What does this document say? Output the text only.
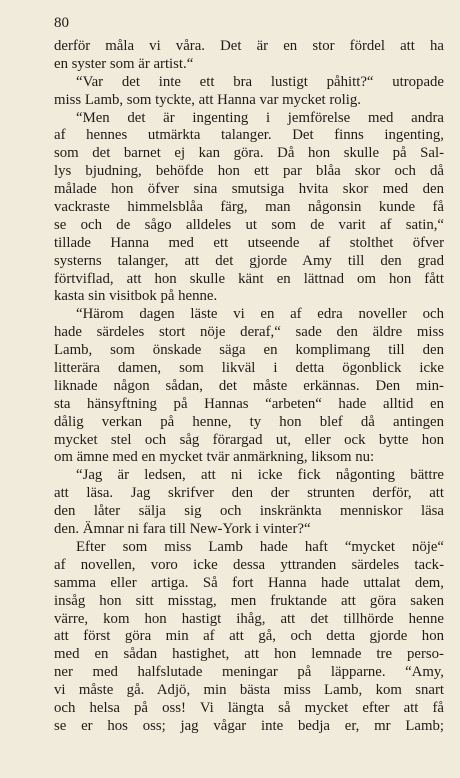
80
derför måla vi våra. Det är en stor fördel att ha
en syster som är artist.“
“Var det inte ett bra lustigt påhitt?“ utropade
miss Lamb, som tyckte, att Hanna var mycket rolig.
“Men det är ingenting i jemförelse med andra
af hennes utmärkta talanger. Det finns ingenting,
som det barnet ej kan göra. Då hon skulle på Sal-
lys bjudning, behöfde hon ett par blåa skor och då
målade hon öfver sina smutsiga hvita skor med den
vackraste himmelsblåa färg, man någonsin kunde få
se och de sågo alldeles ut som de varit af satin,“
tillade Hanna med ett utseende af stolthet öfver
systerns talanger, att det gjorde Amy till den grad
förtviflad, att hon skulle känt en lättnad om hon fått
kasta sin visitbok på henne.
“Härom dagen läste vi en af edra noveller och
hade särdeles stort nöje deraf,“ sade den äldre miss
Lamb, som önskade säga en komplimang till den
litterära damen, som likväl i detta ögonblick icke
liknade någon sådan, det måste erkännas. Den min-
sta hänsyftning på Hannas “arbeten“ hade alltid en
dålig verkan på henne, ty hon blef då antingen
mycket stel och såg förargad ut, eller ock bytte hon
om ämne med en mycket tvär anmärkning, liksom nu:
“Jag är ledsen, att ni icke fick någonting bättre
att läsa. Jag skrifver den der strunten derför, att
den låter sälja sig och inskränkta menniskor läsa
den. Ämnar ni fara till New-York i vinter?“
Efter som miss Lamb hade haft “mycket nöje“
af novellen, voro icke dessa yttranden särdeles tack-
samma eller artiga. Så fort Hanna hade uttalat dem,
insåg hon sitt misstag, men fruktande att göra saken
värre, kom hon hastigt ihåg, att det tillhörde henne
att först göra min af att gå, och detta gjorde hon
med en sådan hastighet, att hon lemnade tre perso-
ner med halfslutade meningar på läpparne. “Amy,
vi måste gå. Adjö, min bästa miss Lamb, kom snart
och helsa på oss! Vi längta så mycket efter att få
se er hos oss; jag vågar inte bedja er, mr Lamb;
